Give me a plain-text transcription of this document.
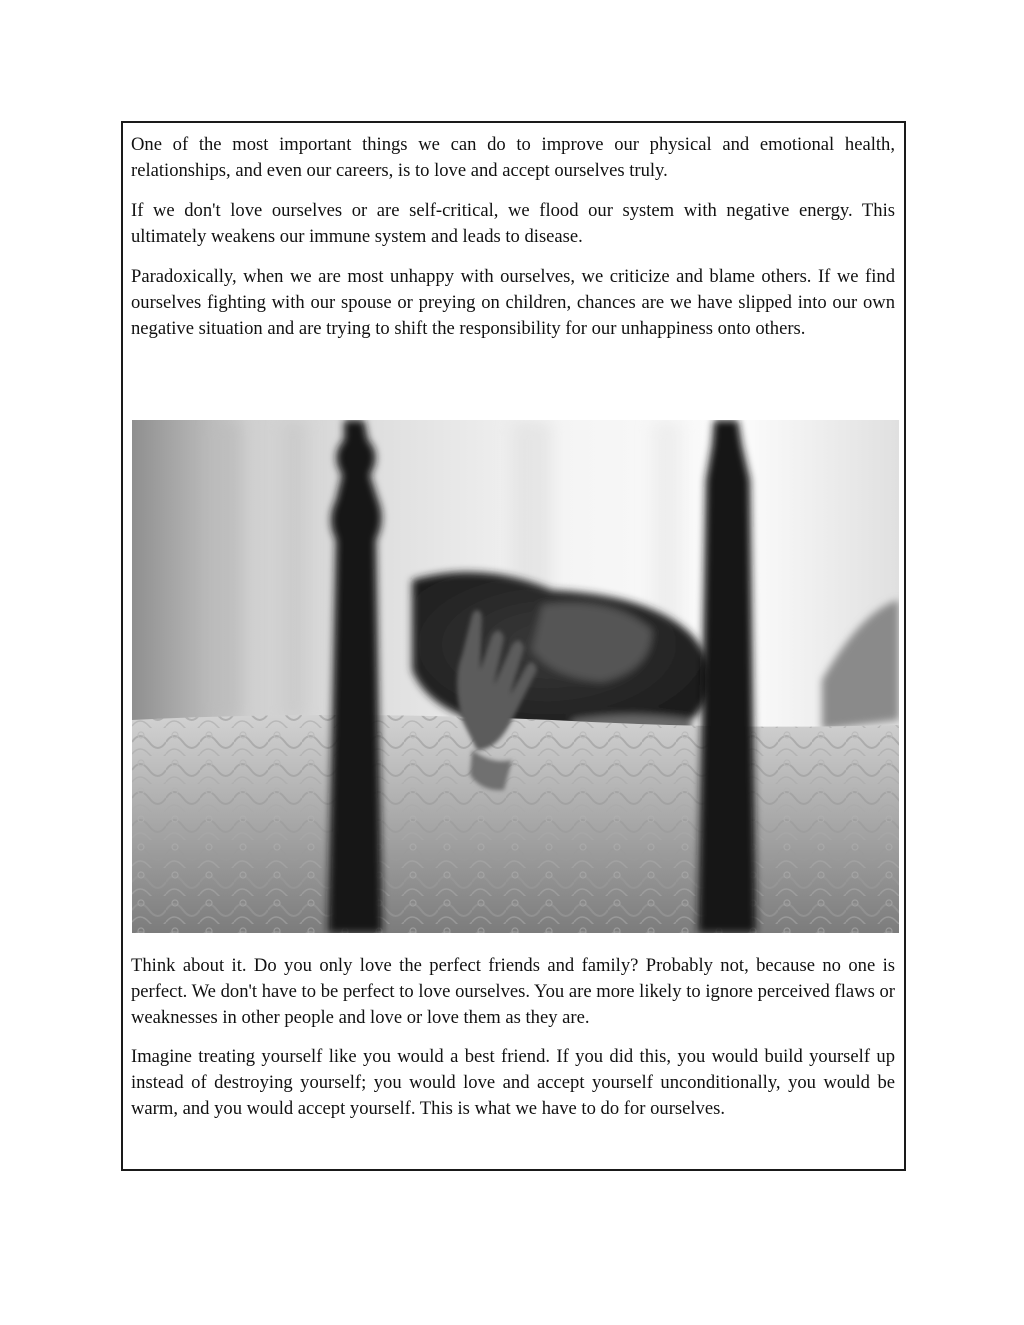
One of the most important things we can do to improve our physical and emotional health, relationships, and even our careers, is to love and accept ourselves truly.

If we don't love ourselves or are self-critical, we flood our system with negative energy. This ultimately weakens our immune system and leads to disease.

Paradoxically, when we are most unhappy with ourselves, we criticize and blame others. If we find ourselves fighting with our spouse or preying on children, chances are we have slipped into our own negative situation and are trying to shift the responsibility for our unhappiness onto others.

Think about it. Do you only love the perfect friends and family? Probably not, because no one is perfect. We don't have to be perfect to love ourselves. You are more likely to ignore perceived flaws or weaknesses in other people and love or love them as they are.

Imagine treating yourself like you would a best friend. If you did this, you would build yourself up instead of destroying yourself; you would love and accept yourself unconditionally, you would be warm, and you would accept yourself. This is what we have to do for ourselves.
